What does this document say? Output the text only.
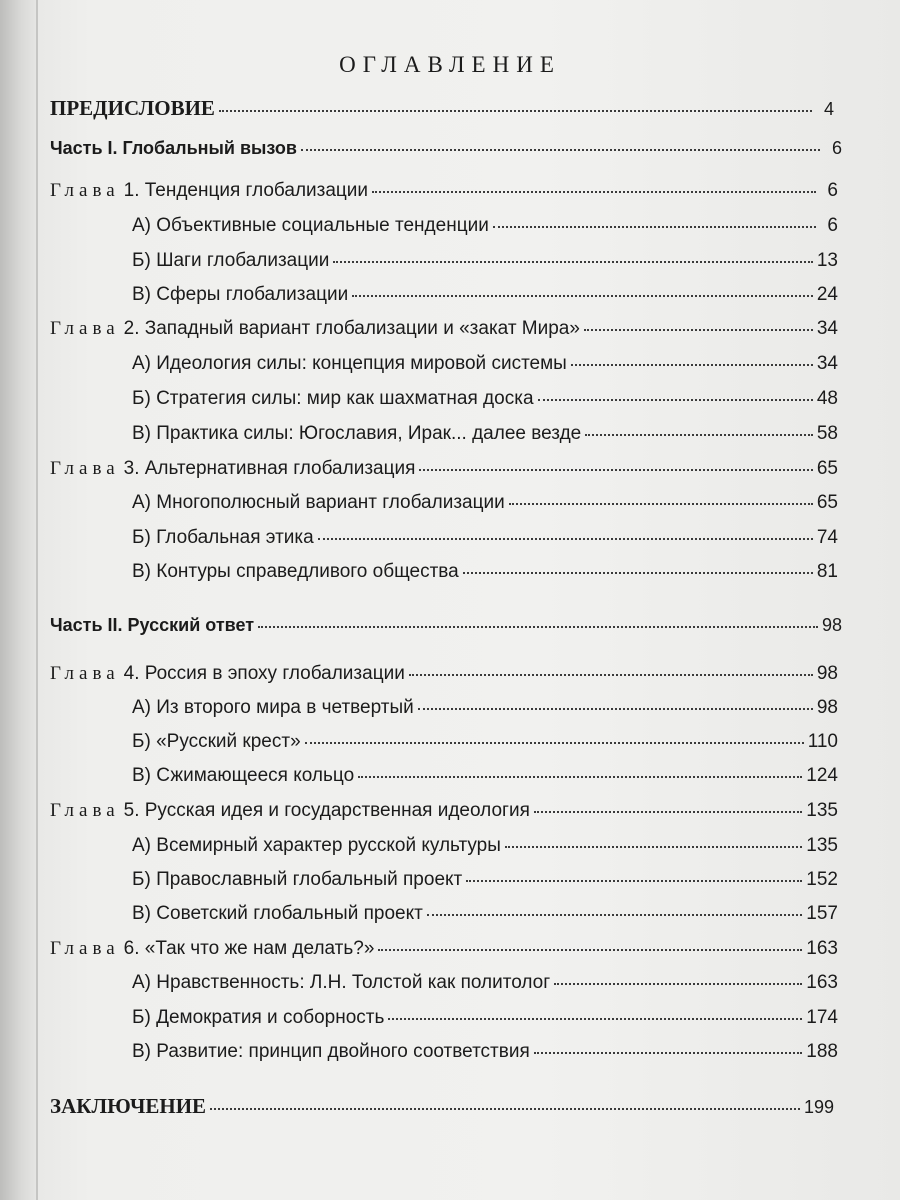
ОГЛАВЛЕНИЕ
ПРЕДИСЛОВИЕ	4
Часть I. Глобальный вызов	6
Глава 1. Тенденция глобализации	6
А) Объективные социальные тенденции	6
Б) Шаги глобализации	13
В) Сферы глобализации	24
Глава 2. Западный вариант глобализации и «закат Мира»	34
А) Идеология силы: концепция мировой системы	34
Б) Стратегия силы: мир как шахматная доска	48
В) Практика силы: Югославия, Ирак... далее везде	58
Глава 3. Альтернативная глобализация	65
А) Многополюсный вариант глобализации	65
Б) Глобальная этика	74
В) Контуры справедливого общества	81
Часть II. Русский ответ	98
Глава 4. Россия в эпоху глобализации	98
А) Из второго мира в четвертый	98
Б) «Русский крест»	110
В) Сжимающееся кольцо	124
Глава 5. Русская идея и государственная идеология	135
А) Всемирный характер русской культуры	135
Б) Православный глобальный проект	152
В) Советский глобальный проект	157
Глава 6. «Так что же нам делать?»	163
А) Нравственность: Л.Н. Толстой как политолог	163
Б) Демократия и соборность	174
В) Развитие: принцип двойного соответствия	188
ЗАКЛЮЧЕНИЕ	199
